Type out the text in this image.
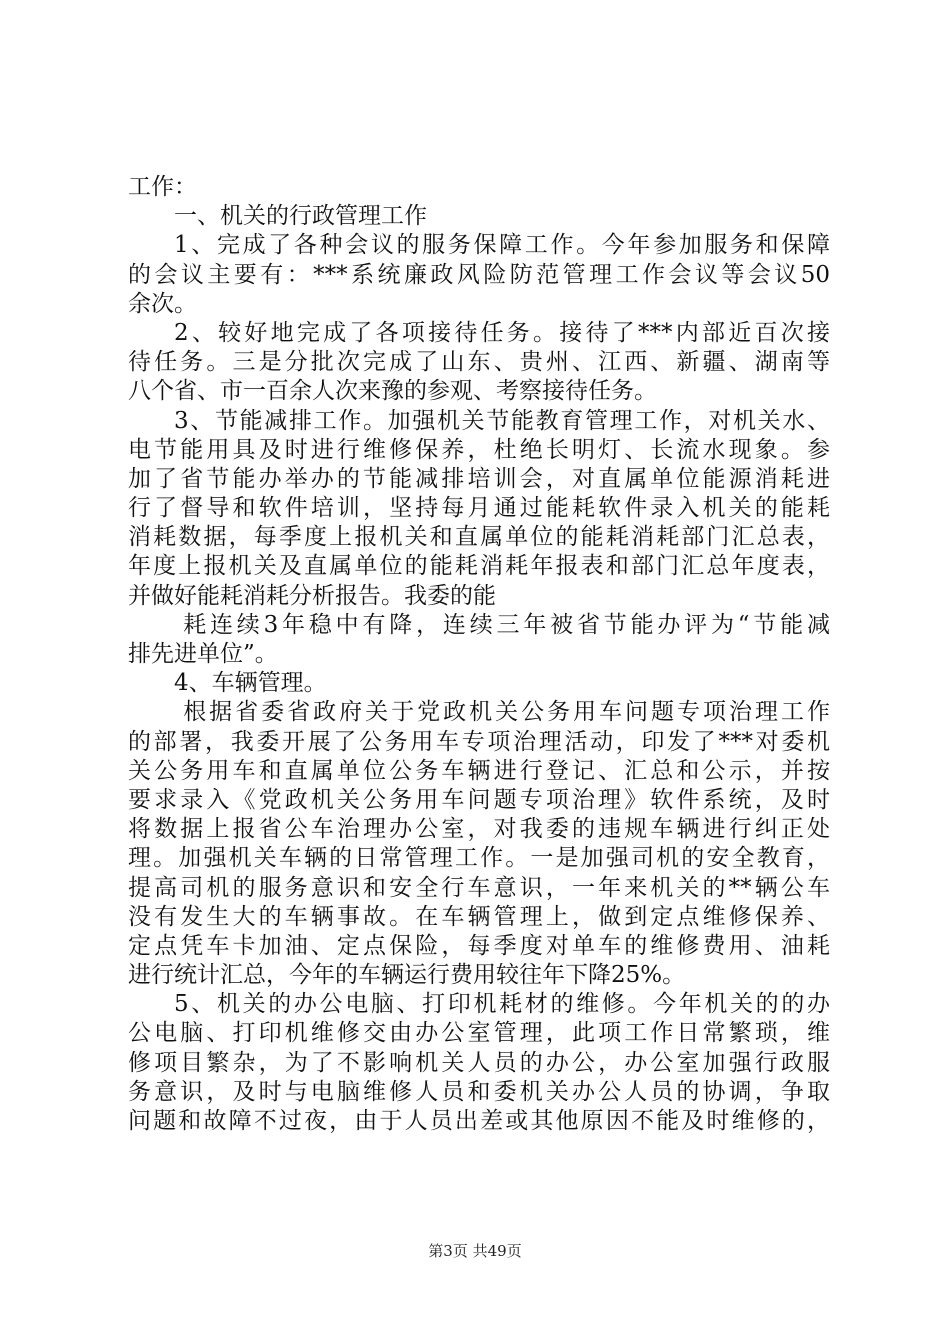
工作：
一、机关的行政管理工作
1、完成了各种会议的服务保障工作。今年参加服务和保障
的会议主要有：***系统廉政风险防范管理工作会议等会议50
余次。
2、较好地完成了各项接待任务。接待了***内部近百次接
待任务。三是分批次完成了山东、贵州、江西、新疆、湖南等
八个省、市一百余人次来豫的参观、考察接待任务。
3、节能减排工作。加强机关节能教育管理工作，对机关水、
电节能用具及时进行维修保养，杜绝长明灯、长流水现象。参
加了省节能办举办的节能减排培训会，对直属单位能源消耗进
行了督导和软件培训，坚持每月通过能耗软件录入机关的能耗
消耗数据，每季度上报机关和直属单位的能耗消耗部门汇总表，
年度上报机关及直属单位的能耗消耗年报表和部门汇总年度表，
并做好能耗消耗分析报告。我委的能
耗连续3年稳中有降，连续三年被省节能办评为“节能减
排先进单位”。
4、车辆管理。
根据省委省政府关于党政机关公务用车问题专项治理工作
的部署，我委开展了公务用车专项治理活动，印发了***对委机
关公务用车和直属单位公务车辆进行登记、汇总和公示，并按
要求录入《党政机关公务用车问题专项治理》软件系统，及时
将数据上报省公车治理办公室，对我委的违规车辆进行纠正处
理。加强机关车辆的日常管理工作。一是加强司机的安全教育，
提高司机的服务意识和安全行车意识，一年来机关的**辆公车
没有发生大的车辆事故。在车辆管理上，做到定点维修保养、
定点凭车卡加油、定点保险，每季度对单车的维修费用、油耗
进行统计汇总，今年的车辆运行费用较往年下降25%。
5、机关的办公电脑、打印机耗材的维修。今年机关的的办
公电脑、打印机维修交由办公室管理，此项工作日常繁琐，维
修项目繁杂，为了不影响机关人员的办公，办公室加强行政服
务意识，及时与电脑维修人员和委机关办公人员的协调，争取
问题和故障不过夜，由于人员出差或其他原因不能及时维修的，
第3页 共49页
